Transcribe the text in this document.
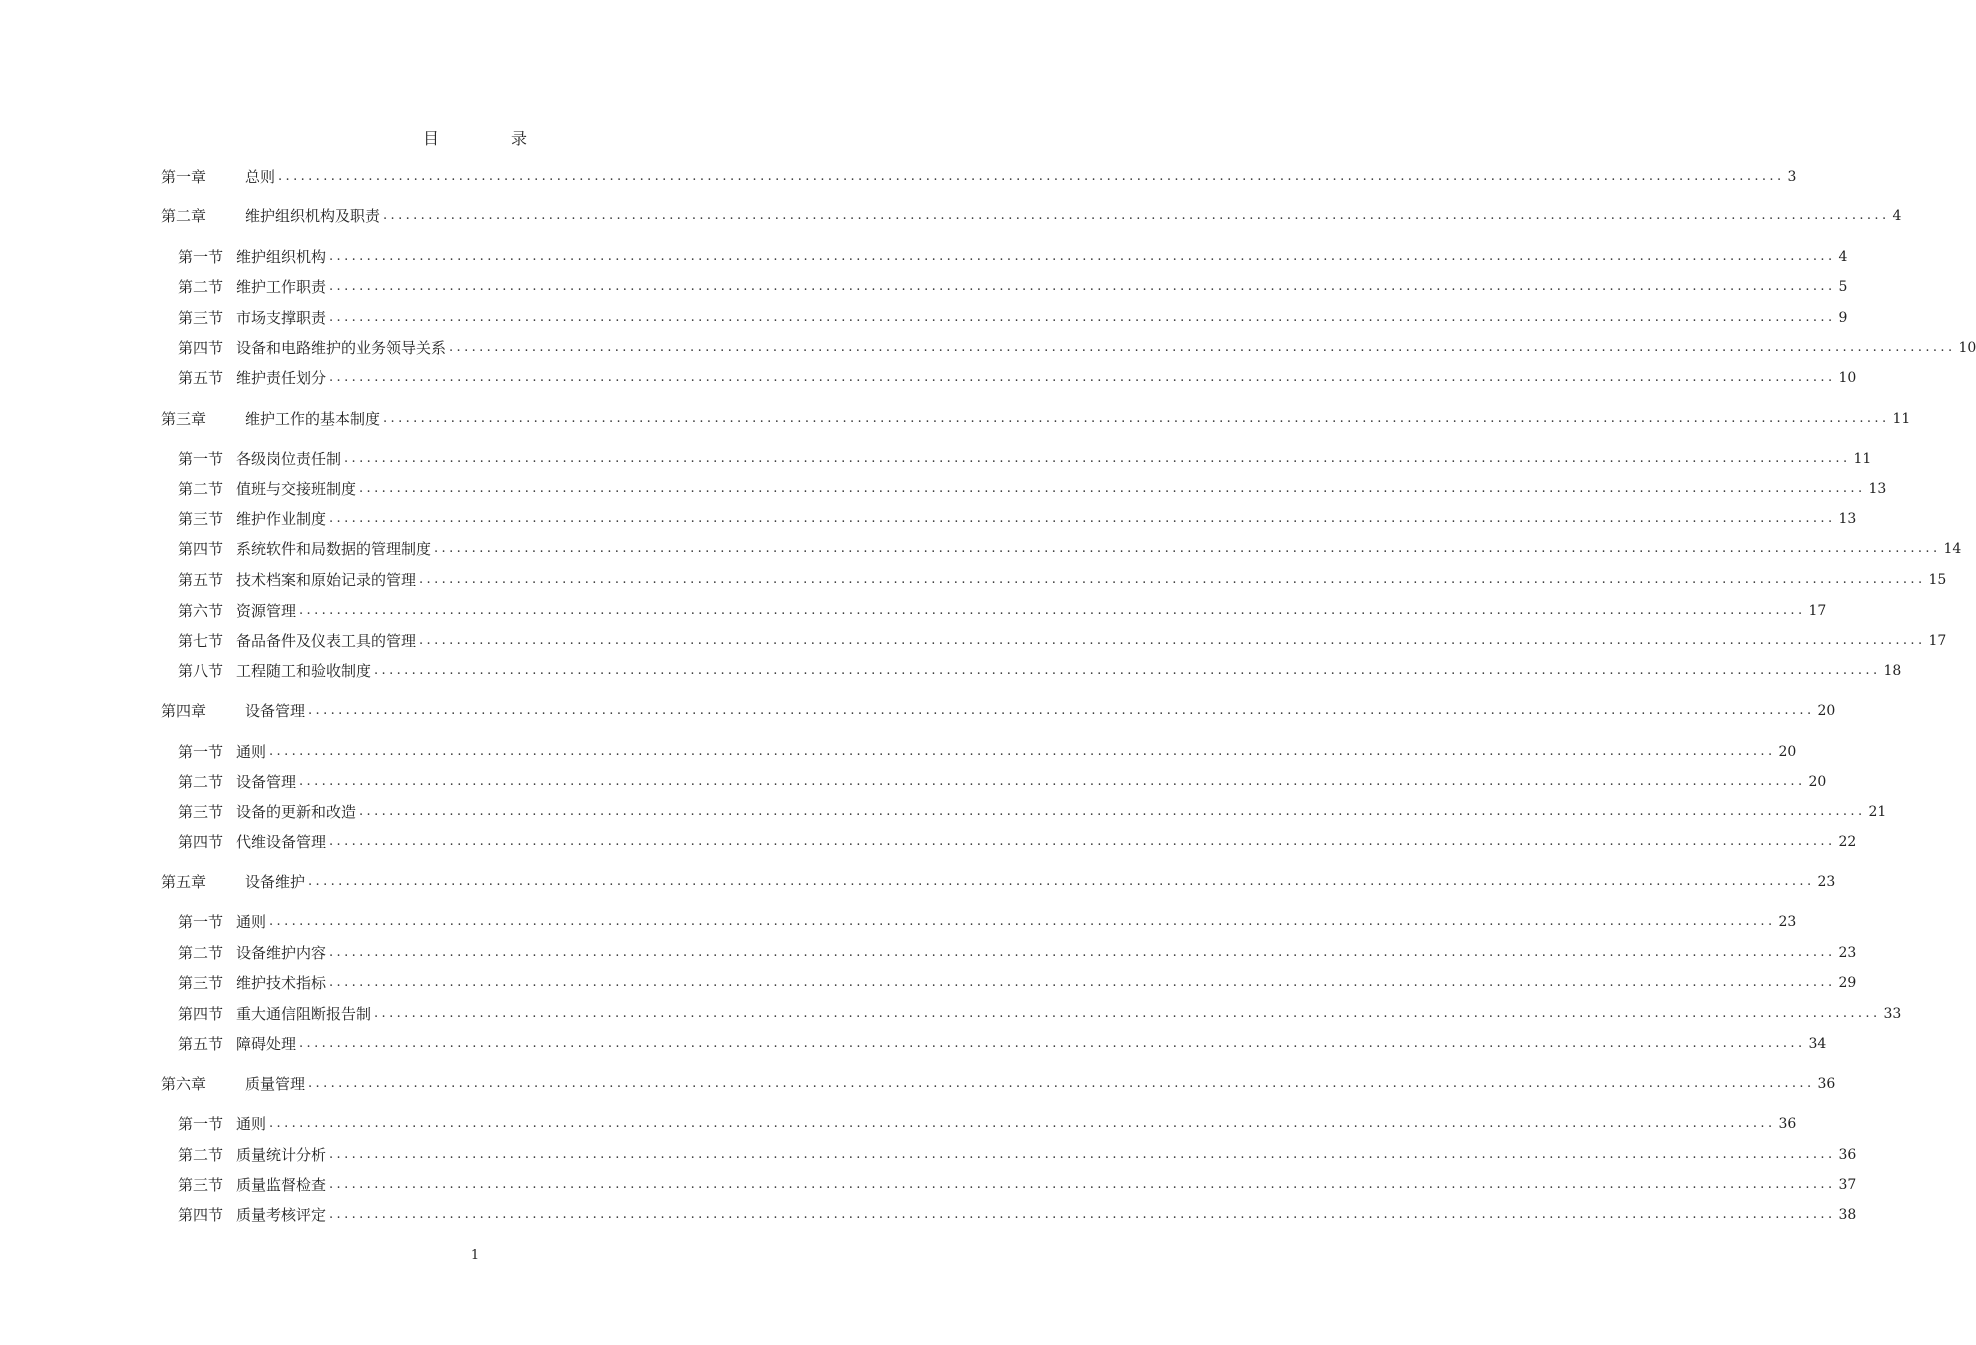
目	录
第一章	总则 ........................................................................................................................................................................................................ 3
第二章	维护组织机构及职责 ........................................................................................................................................................................................................ 4
第一节 维护组织机构 ........................................................................................................................................................................................................ 4
第二节 维护工作职责 ........................................................................................................................................................................................................ 5
第三节 市场支撑职责 ........................................................................................................................................................................................................ 9
第四节 设备和电路维护的业务领导关系 ........................................................................................................................................................................................................ 10
第五节 维护责任划分 ........................................................................................................................................................................................................ 10
第三章	维护工作的基本制度 ........................................................................................................................................................................................................ 11
第一节 各级岗位责任制 ........................................................................................................................................................................................................ 11
第二节 值班与交接班制度 ........................................................................................................................................................................................................ 13
第三节 维护作业制度 ........................................................................................................................................................................................................ 13
第四节 系统软件和局数据的管理制度 ........................................................................................................................................................................................................ 14
第五节 技术档案和原始记录的管理 ........................................................................................................................................................................................................ 15
第六节 资源管理 ........................................................................................................................................................................................................ 17
第七节 备品备件及仪表工具的管理 ........................................................................................................................................................................................................ 17
第八节 工程随工和验收制度 ........................................................................................................................................................................................................ 18
第四章	设备管理 ........................................................................................................................................................................................................ 20
第一节 通则 ........................................................................................................................................................................................................ 20
第二节 设备管理 ........................................................................................................................................................................................................ 20
第三节 设备的更新和改造 ........................................................................................................................................................................................................ 21
第四节 代维设备管理 ........................................................................................................................................................................................................ 22
第五章	设备维护 ........................................................................................................................................................................................................ 23
第一节 通则 ........................................................................................................................................................................................................ 23
第二节 设备维护内容 ........................................................................................................................................................................................................ 23
第三节 维护技术指标 ........................................................................................................................................................................................................ 29
第四节 重大通信阻断报告制 ........................................................................................................................................................................................................ 33
第五节 障碍处理 ........................................................................................................................................................................................................ 34
第六章	质量管理 ........................................................................................................................................................................................................ 36
第一节 通则 ........................................................................................................................................................................................................ 36
第二节 质量统计分析 ........................................................................................................................................................................................................ 36
第三节 质量监督检查 ........................................................................................................................................................................................................ 37
第四节 质量考核评定 ........................................................................................................................................................................................................ 38
1
